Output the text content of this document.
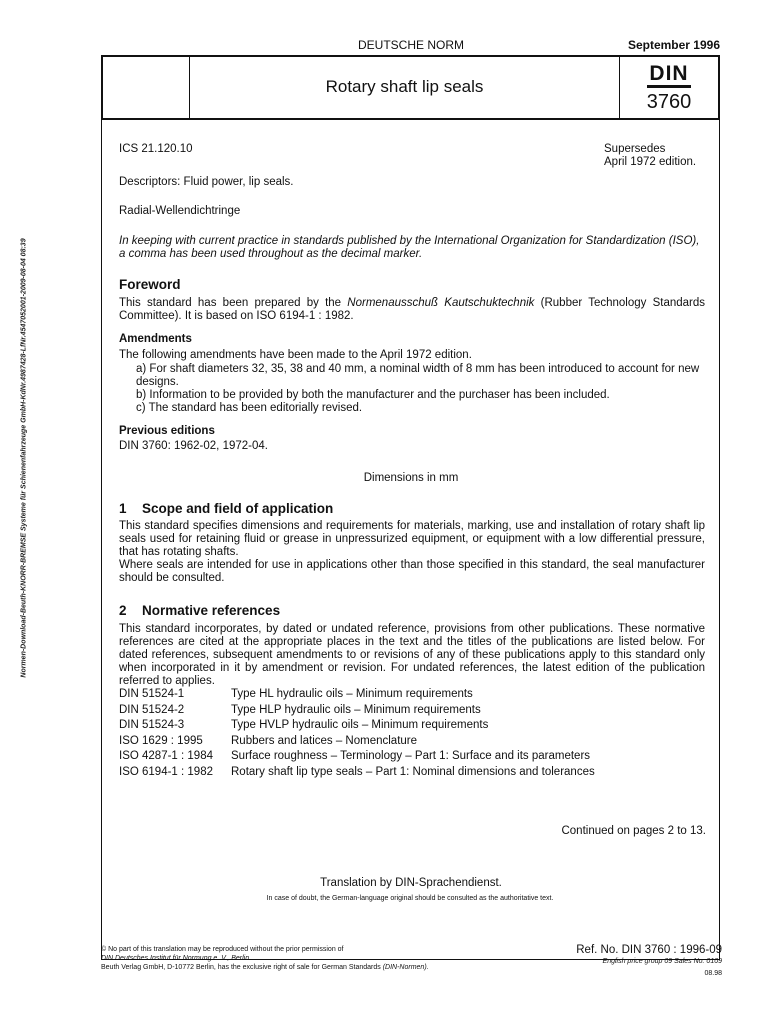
DEUTSCHE NORM	September 1996
Rotary shaft lip seals
DIN
3760
ICS 21.120.10	Supersedes
April 1972 edition.
Descriptors: Fluid power, lip seals.
Radial-Wellendichtringe
In keeping with current practice in standards published by the International Organization for Standardization (ISO), a comma has been used throughout as the decimal marker.
Foreword
This standard has been prepared by the Normenausschuß Kautschuktechnik (Rubber Technology Standards Committee). It is based on ISO 6194-1 : 1982.
Amendments
The following amendments have been made to the April 1972 edition.
a) For shaft diameters 32, 35, 38 and 40 mm, a nominal width of 8 mm has been introduced to account for new designs.
b) Information to be provided by both the manufacturer and the purchaser has been included.
c) The standard has been editorially revised.
Previous editions
DIN 3760: 1962-02, 1972-04.
Dimensions in mm
1 Scope and field of application
This standard specifies dimensions and requirements for materials, marking, use and installation of rotary shaft lip seals used for retaining fluid or grease in unpressurized equipment, or equipment with a low differential pressure, that has rotating shafts.
Where seals are intended for use in applications other than those specified in this standard, the seal manufacturer should be consulted.
2 Normative references
This standard incorporates, by dated or undated reference, provisions from other publications. These normative references are cited at the appropriate places in the text and the titles of the publications are listed below. For dated references, subsequent amendments to or revisions of any of these publications apply to this standard only when incorporated in it by amendment or revision. For undated references, the latest edition of the publication referred to applies.
DIN 51524-1	Type HL hydraulic oils – Minimum requirements
DIN 51524-2	Type HLP hydraulic oils – Minimum requirements
DIN 51524-3	Type HVLP hydraulic oils – Minimum requirements
ISO 1629 : 1995	Rubbers and latices – Nomenclature
ISO 4287-1 : 1984	Surface roughness – Terminology – Part 1: Surface and its parameters
ISO 6194-1 : 1982	Rotary shaft lip type seals – Part 1: Nominal dimensions and tolerances
Continued on pages 2 to 13.
Translation by DIN-Sprachendienst.
In case of doubt, the German-language original should be consulted as the authoritative text.
© No part of this translation may be reproduced without the prior permission of
DIN Deutsches Institut für Normung e. V., Berlin.
Beuth Verlag GmbH, D-10772 Berlin, has the exclusive right of sale for German Standards (DIN-Normen).
Ref. No. DIN 3760 : 1996-09
English price group 09 Sales No. 0109
08.98
Normen-Download-Beuth-KNORR-BREMSE Systeme für Schienenfahrzeuge GmbH-KdNr.4987428-LfNr.4547052001-2009-08-04 08:39
